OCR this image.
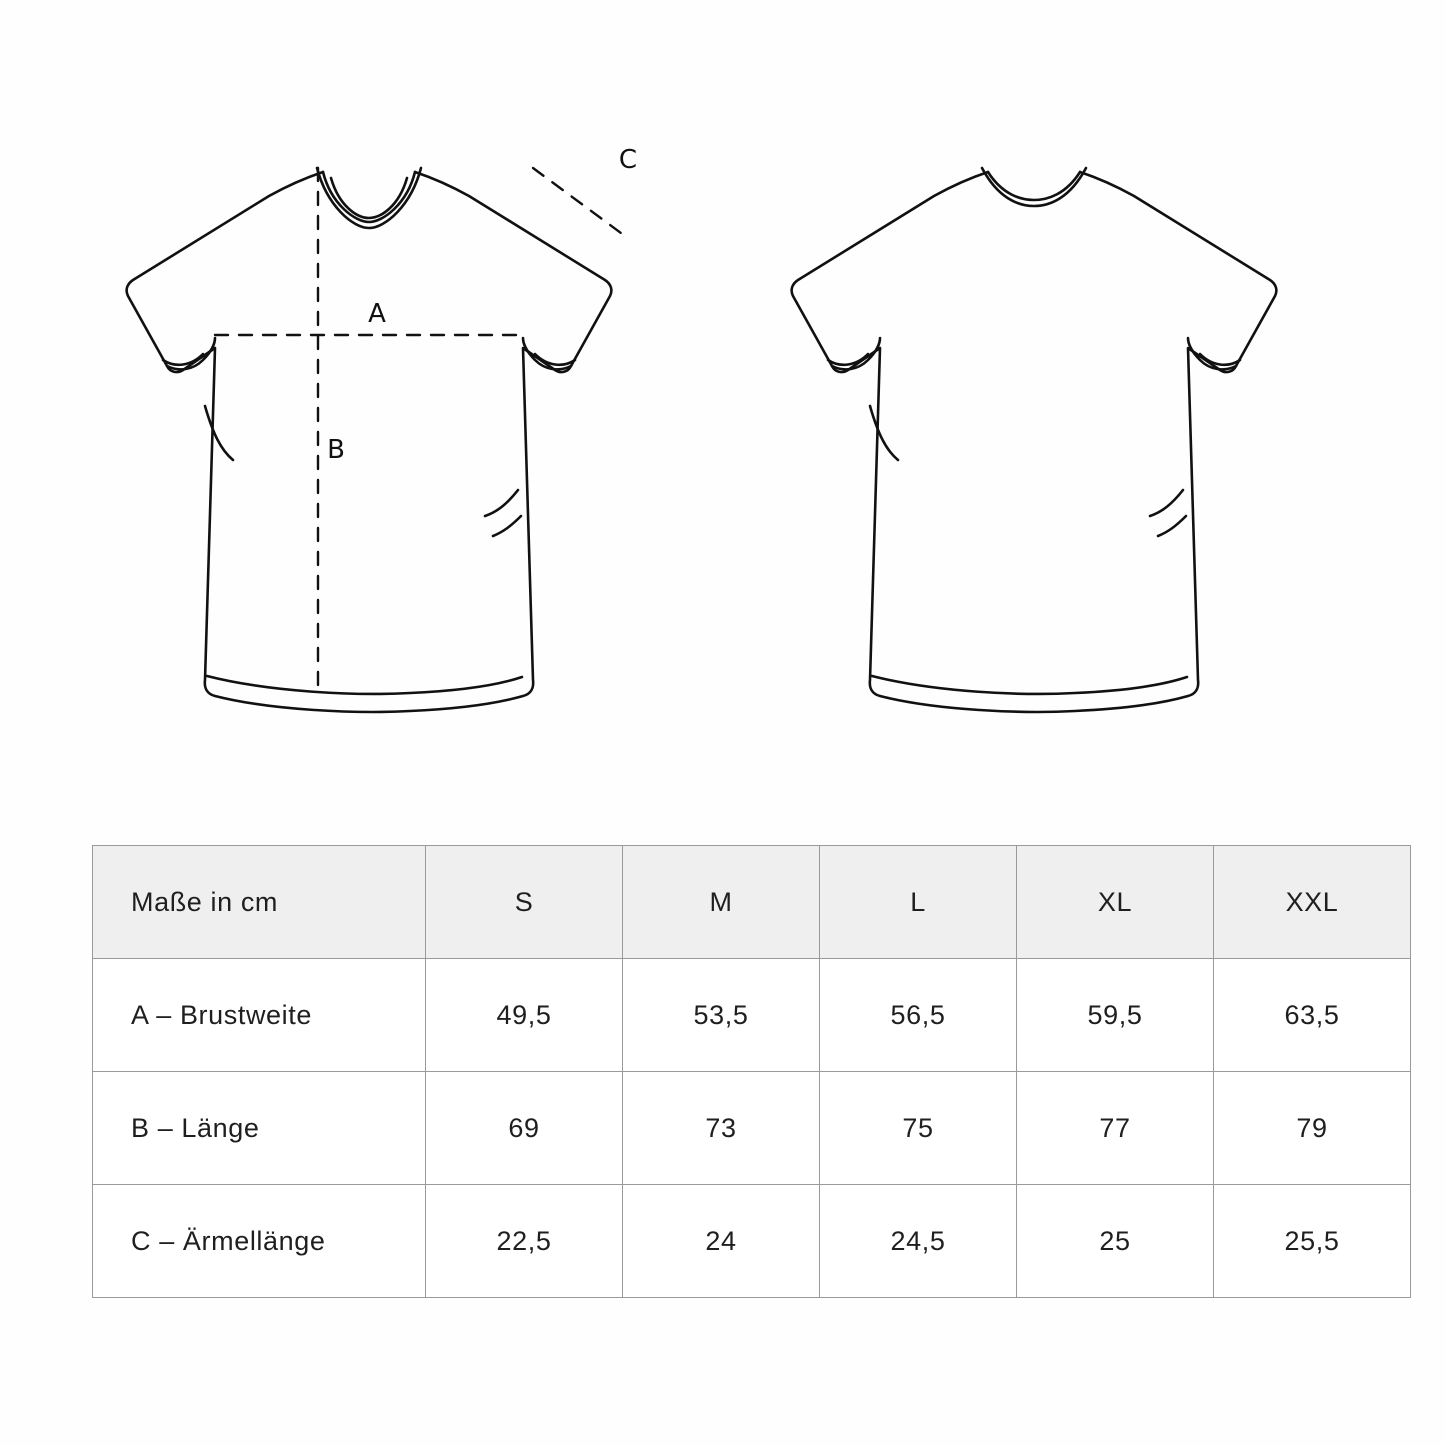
A
B
C
Maße in cm	S	M	L	XL	XXL
A – Brustweite	49,5	53,5	56,5	59,5	63,5
B – Länge	69	73	75	77	79
C – Ärmellänge	22,5	24	24,5	25	25,5
